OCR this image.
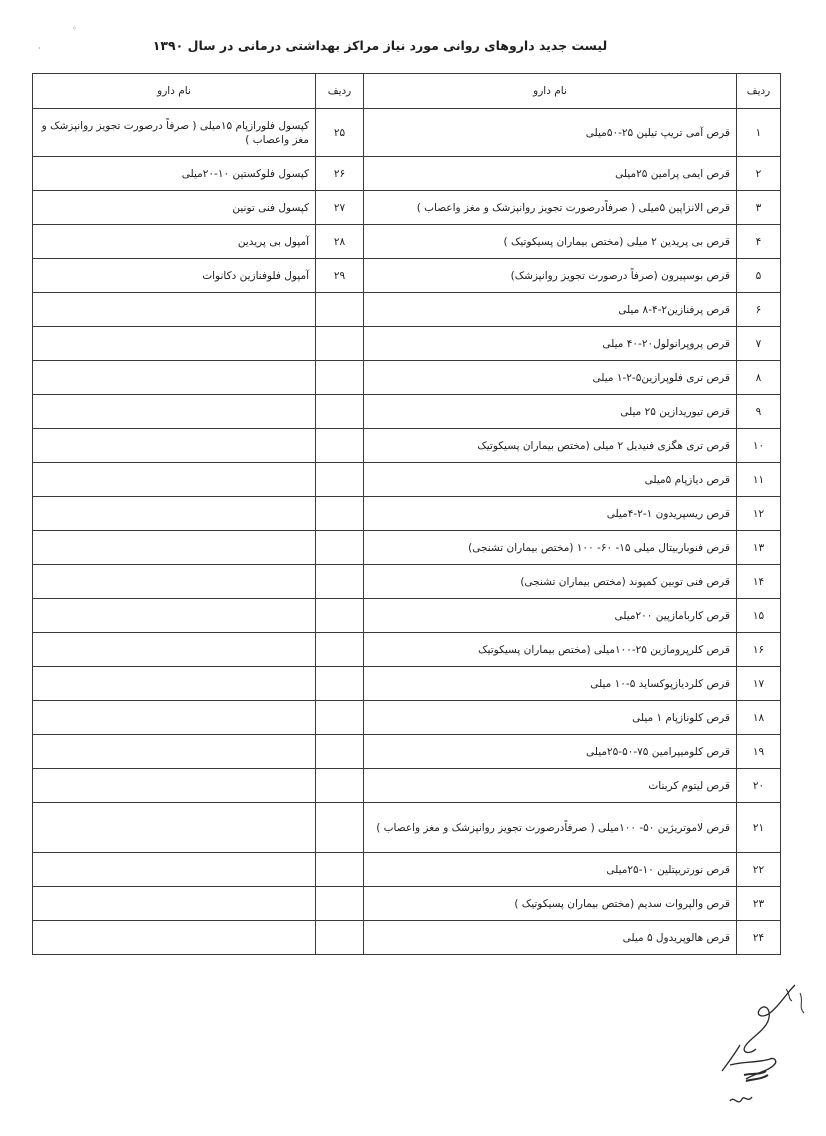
لیست جدید داروهای روانی مورد نیاز مراکز بهداشتی درمانی در سال ۱۳۹۰
ردیف	نام دارو	ردیف	نام دارو
۱	قرص آمی تریپ تیلین ۲۵-۵۰میلی	۲۵	کپسول فلورازپام ۱۵میلی ( صرفاً درصورت تجویز روانپزشک و مغز واعصاب )
۲	قرص ایمی پرامین ۲۵میلی	۲۶	کپسول فلوکستین ۱۰-۲۰میلی
۳	قرص الانزاپین ۵میلی ( صرفاًدرصورت تجویز روانپزشک و مغز واعصاب )	۲۷	کپسول فنی تونین
۴	قرص بی پریدین ۲ میلی (مختص بیماران پسیکوتیک )	۲۸	آمپول بی پریدین
۵	قرص بوسپیرون (صرفاً درصورت تجویز روانپزشک)	۲۹	آمپول فلوفنازین دکانوات
۶	قرص پرفنازین۲-۴-۸ میلی		
۷	قرص پروپرانولول۲۰-۴۰ میلی		
۸	قرص تری فلوپرازین۵-۲-۱ میلی		
۹	قرص تیوریدازین ۲۵ میلی		
۱۰	قرص تری هگزی فنیدیل ۲ میلی (مختص بیماران پسیکوتیک		
۱۱	قرص دیازپام ۵میلی		
۱۲	قرص ریسپریدون ۱-۲-۴میلی		
۱۳	قرص فنوباربیتال میلی ۱۵- ۶۰- ۱۰۰ (مختص بیماران تشنجی)		
۱۴	قرص فنی توبین کمپوند (مختص بیماران تشنجی)		
۱۵	قرص کاربامازپین ۲۰۰میلی		
۱۶	قرص کلرپرومازین ۲۵-۱۰۰میلی (مختص بیماران پسیکوتیک		
۱۷	قرص کلردیازپوکساید ۵-۱۰ میلی		
۱۸	قرص کلونازپام ۱ میلی		
۱۹	قرص کلومیپرامین ۷۵-۵۰-۲۵میلی		
۲۰	قرص لیتوم کربنات		
۲۱	قرص لاموتریژین ۵۰- ۱۰۰میلی ( صرفاًدرصورت تجویز روانپزشک و مغز واعصاب )		
۲۲	قرص نورتریپتلین ۱۰-۲۵میلی		
۲۳	قرص والپروات سدیم (مختص بیماران پسیکوتیک )		
۲۴	قرص هالوپریدول ۵ میلی		
◦
·
